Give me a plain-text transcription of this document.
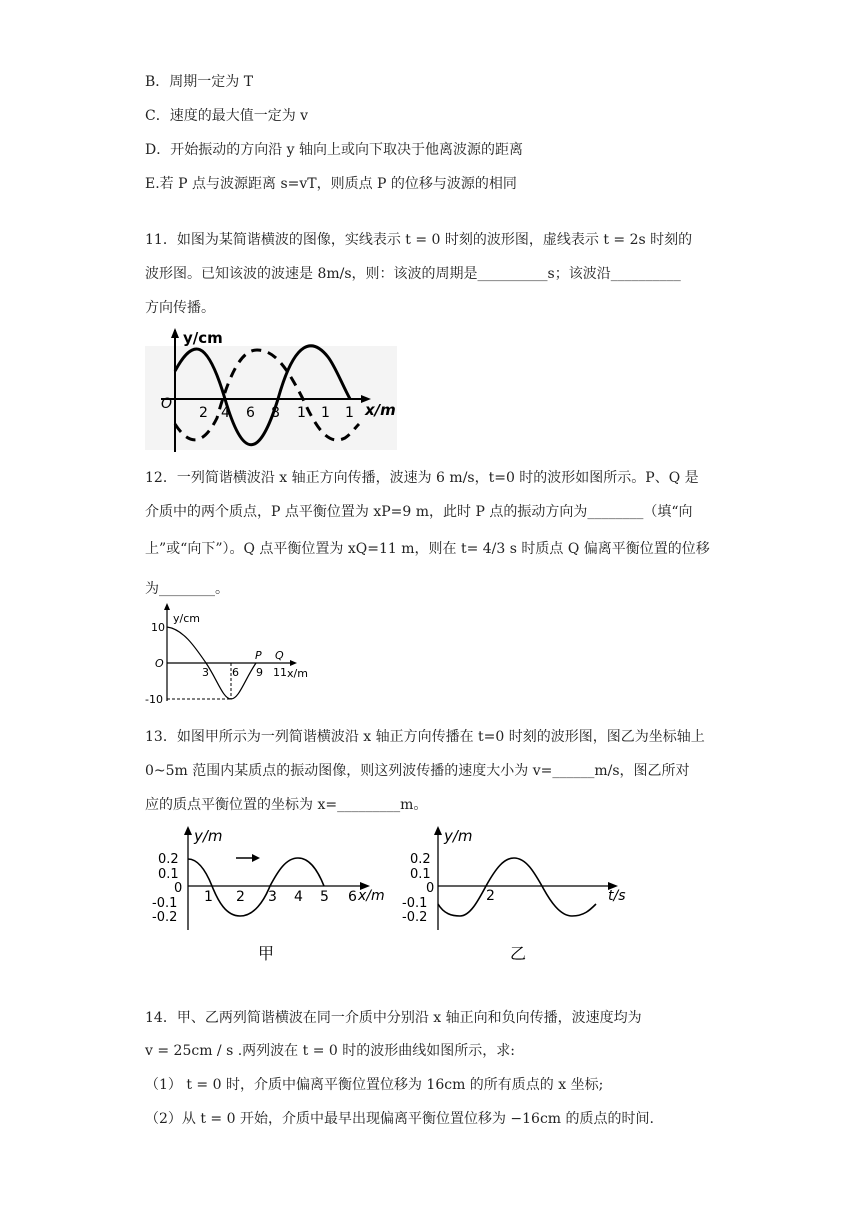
B．周期一定为 T
C．速度的最大值一定为 v
D．开始振动的方向沿 y 轴向上或向下取决于他离波源的距离
E.若 P 点与波源距离 s=vT，则质点 P 的位移与波源的相同
11．如图为某简谐横波的图像，实线表示 t = 0 时刻的波形图，虚线表示 t = 2s 时刻的
波形图。已知该波的波速是 8m/s，则：该波的周期是__________s；该波沿__________
方向传播。
y/cm
x/m
O
2 4 6 8 1 1 1
12．一列简谐横波沿 x 轴正方向传播，波速为 6 m/s，t=0 时的波形如图所示。P、Q 是
介质中的两个质点，P 点平衡位置为 xP=9 m，此时 P 点的振动方向为________（填“向
上”或“向下”）。Q 点平衡位置为 xQ=11 m，则在 t= 4/3 s 时质点 Q 偏离平衡位置的位移
为________。
y/cm
x/m
10
-10
O
3 6 9 11
P Q
13．如图甲所示为一列简谐横波沿 x 轴正方向传播在 t=0 时刻的波形图，图乙为坐标轴上
0~5m 范围内某质点的振动图像，则这列波传播的速度大小为 v=______m/s，图乙所对
应的质点平衡位置的坐标为 x=_________m。
y/m
x/m
0.2
0.1
0
-0.1
-0.2
1 2 3 4 5 6
甲
y/m
t/s
0.2
0.1
0
-0.1
-0.2
2
乙
14．甲、乙两列简谐横波在同一介质中分别沿 x 轴正向和负向传播，波速度均为
v = 25cm / s .两列波在 t = 0 时的波形曲线如图所示，求:
（1） t = 0 时，介质中偏离平衡位置位移为 16cm 的所有质点的 x 坐标;
（2）从 t = 0 开始，介质中最早出现偏离平衡位置位移为 −16cm 的质点的时间.
